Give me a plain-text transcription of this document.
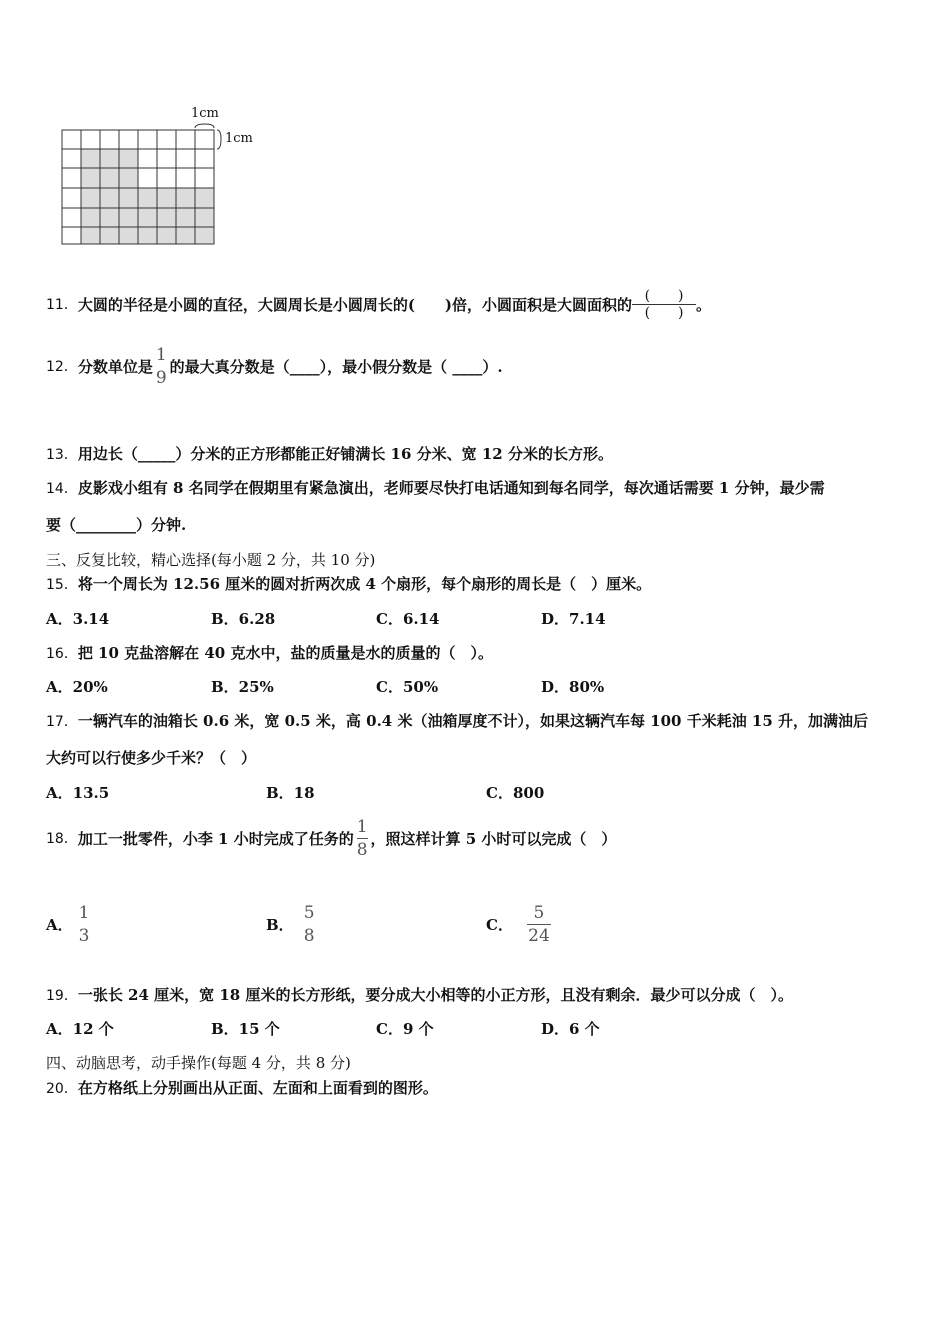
1cm
1cm
11． 大圆的半径是小圆的直径，大圆周长是小圆周长的(　　)倍，小圆面积是大圆面积的 (　　)
(　　) 。
12． 分数单位是
1
9
的最大真分数是（____），最小假分数是（ ____）.
13．用边长（_____）分米的正方形都能正好铺满长 16 分米、宽 12 分米的长方形。
14．皮影戏小组有 8 名同学在假期里有紧急演出，老师要尽快打电话通知到每名同学，每次通话需要 1 分钟，最少需
要（________）分钟.
三、反复比较，精心选择(每小题 2 分，共 10 分)
15．将一个周长为 12.56 厘米的圆对折两次成 4 个扇形，每个扇形的周长是（　）厘米。
A．3.14	B．6.28	C．6.14	D．7.14
16．把 10 克盐溶解在 40 克水中，盐的质量是水的质量的（　）。
A．20%	B．25%	C．50%	D．80%
17．一辆汽车的油箱长 0.6 米，宽 0.5 米，高 0.4 米（油箱厚度不计），如果这辆汽车每 100 千米耗油 15 升，加满油后
大约可以行使多少千米？（　）
A．13.5	B．18	C．800
18． 加工一批零件，小李 1 小时完成了任务的 $\frac{1}{8}$ ，照这样计算 5 小时可以完成（　）
A．
1
3
B．
5
8
C． $\frac{5}{24}$
19．一张长 24 厘米，宽 18 厘米的长方形纸，要分成大小相等的小正方形，且没有剩余．最少可以分成（　）。
A．12 个	B．15 个	C．9 个	D．6 个
四、动脑思考，动手操作(每题 4 分，共 8 分)
20．在方格纸上分别画出从正面、左面和上面看到的图形。
